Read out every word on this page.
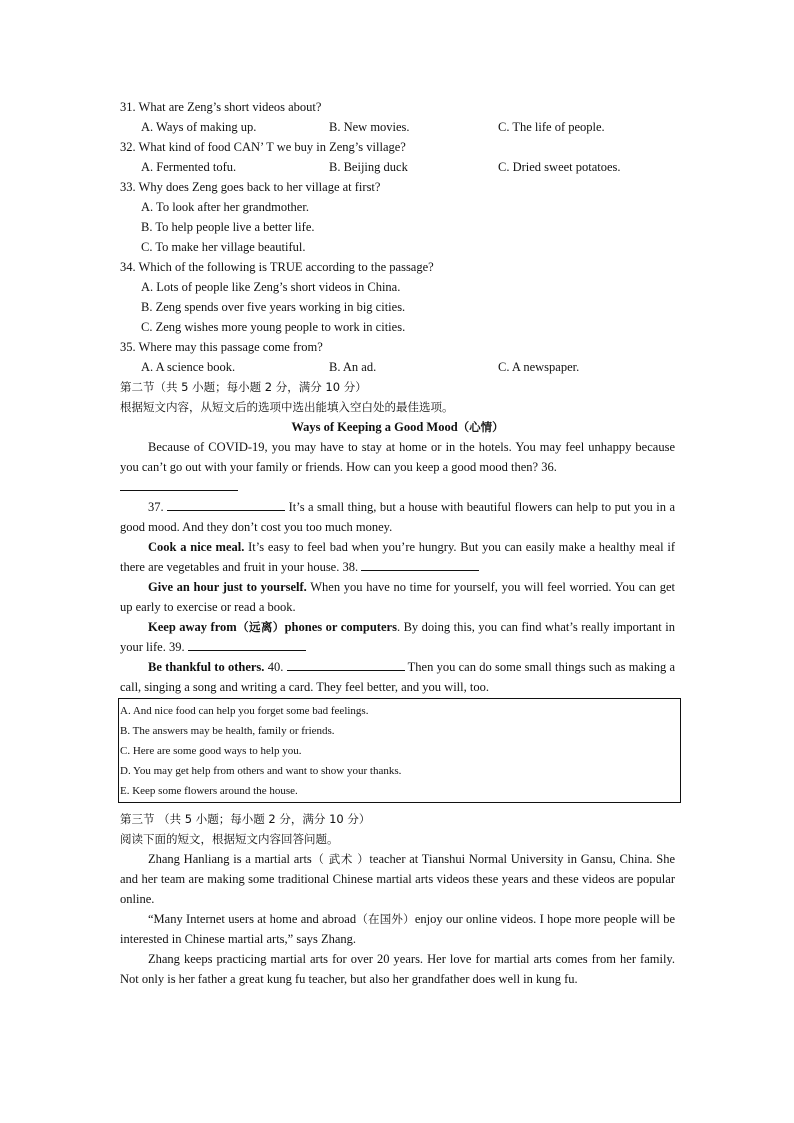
31. What are Zeng’s short videos about?
A. Ways of making up.	B. New movies.	C. The life of people.
32. What kind of food CAN’ T we buy in Zeng’s village?
A. Fermented tofu.	B. Beijing duck	C. Dried sweet potatoes.
33. Why does Zeng goes back to her village at first?
A. To look after her grandmother.
B. To help people live a better life.
C. To make her village beautiful.
34. Which of the following is TRUE according to the passage?
A. Lots of people like Zeng’s short videos in China.
B. Zeng spends over five years working in big cities.
C. Zeng wishes more young people to work in cities.
35. Where may this passage come from?
A. A science book.	B. An ad.	C. A newspaper.
第二节（共 5 小题；每小题 2 分，满分 10 分）
根据短文内容，从短文后的选项中选出能填入空白处的最佳选项。
Ways of Keeping a Good Mood（心情）
Because of COVID-19, you may have to stay at home or in the hotels. You may feel unhappy because you can’t go out with your family or friends. How can you keep a good mood then? 36.

37.	It’s a small thing, but a house with beautiful flowers can help to put you in a good mood. And they don’t cost you too much money.
Cook a nice meal. It’s easy to feel bad when you’re hungry. But you can easily make a healthy meal if there are vegetables and fruit in your house. 38.
Give an hour just to yourself. When you have no time for yourself, you will feel worried. You can get up early to exercise or read a book.
Keep away from（远离）phones or computers. By doing this, you can find what’s really important in your life. 39.
Be thankful to others. 40.	Then you can do some small things such as making a call, singing a song and writing a card. They feel better, and you will, too.
A. And nice food can help you forget some bad feelings.
B. The answers may be health, family or friends.
C. Here are some good ways to help you.
D. You may get help from others and want to show your thanks.
E. Keep some flowers around the house.
第三节 （共 5 小题；每小题 2 分，满分 10 分）
阅读下面的短文，根据短文内容回答问题。
Zhang Hanliang is a martial arts（ 武术 ）teacher at Tianshui Normal University in Gansu, China. She and her team are making some traditional Chinese martial arts videos these years and these videos are popular online.
“Many Internet users at home and abroad（在国外）enjoy our online videos. I hope more people will be interested in Chinese martial arts,” says Zhang.
Zhang keeps practicing martial arts for over 20 years. Her love for martial arts comes from her family. Not only is her father a great kung fu teacher, but also her grandfather does well in kung fu.
